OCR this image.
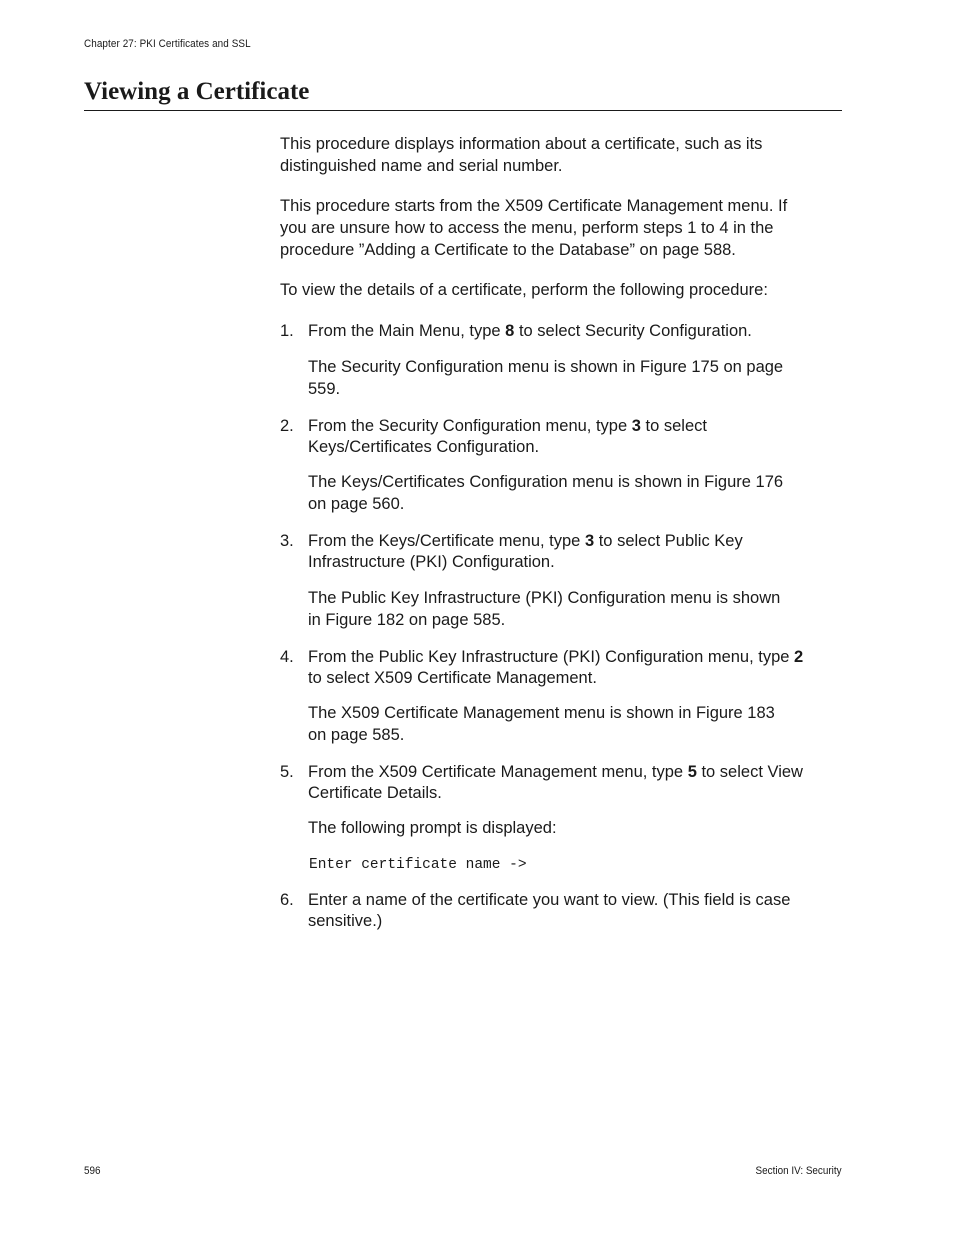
Chapter 27: PKI Certificates and SSL
Viewing a Certificate
This procedure displays information about a certificate, such as its
distinguished name and serial number.
This procedure starts from the X509 Certificate Management menu. If
you are unsure how to access the menu, perform steps 1 to 4 in the
procedure ”Adding a Certificate to the Database” on page 588.
To view the details of a certificate, perform the following procedure:
1. From the Main Menu, type 8 to select Security Configuration.
The Security Configuration menu is shown in Figure 175 on page
559.
2. From the Security Configuration menu, type 3 to select
Keys/Certificates Configuration.
The Keys/Certificates Configuration menu is shown in Figure 176
on page 560.
3. From the Keys/Certificate menu, type 3 to select Public Key
Infrastructure (PKI) Configuration.
The Public Key Infrastructure (PKI) Configuration menu is shown
in Figure 182 on page 585.
4. From the Public Key Infrastructure (PKI) Configuration menu, type 2
to select X509 Certificate Management.
The X509 Certificate Management menu is shown in Figure 183
on page 585.
5. From the X509 Certificate Management menu, type 5 to select View
Certificate Details.
The following prompt is displayed:
Enter certificate name ->
6. Enter a name of the certificate you want to view. (This field is case
sensitive.)
596	Section IV: Security
